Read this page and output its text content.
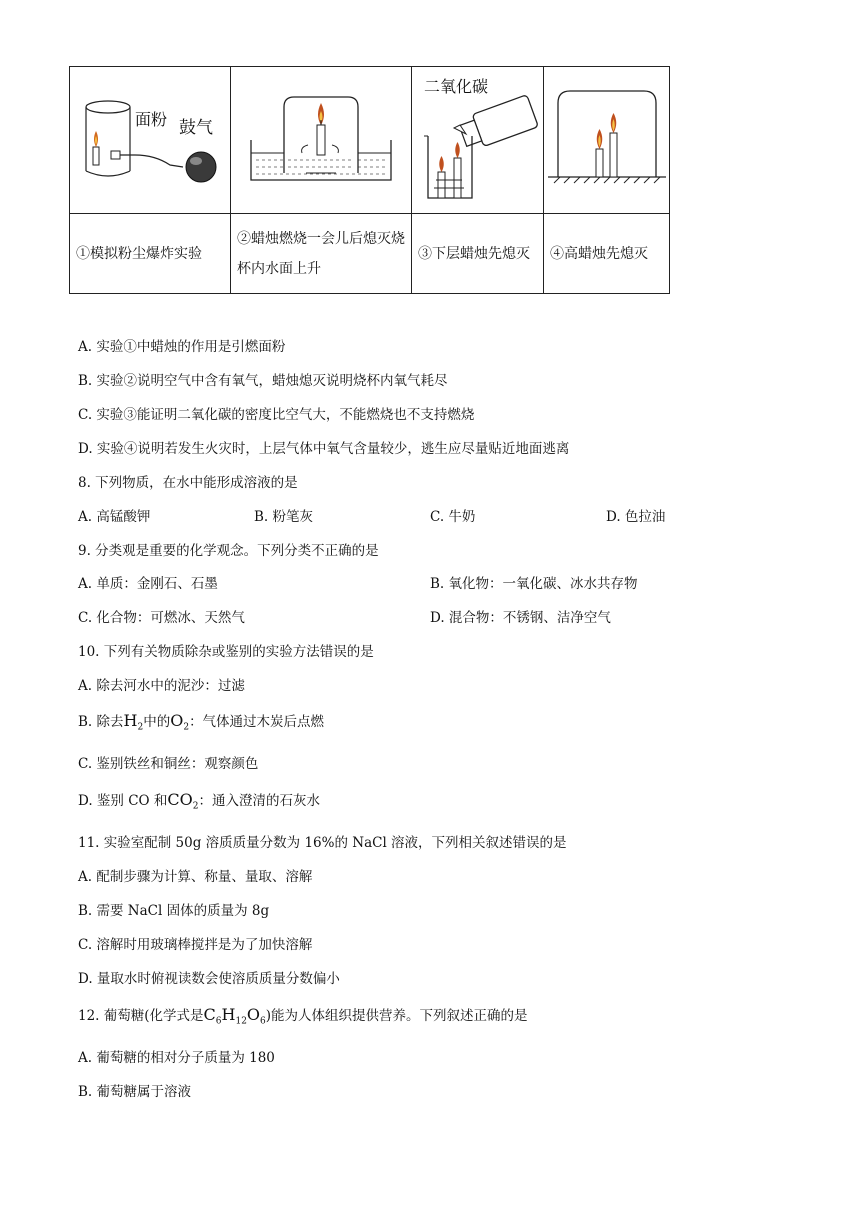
面粉 鼓气		二氧化碳

①模拟粉尘爆炸实验	②蜡烛燃烧一会儿后熄灭烧杯内水面上升	③下层蜡烛先熄灭	④高蜡烛先熄灭
A. 实验①中蜡烛的作用是引燃面粉
B. 实验②说明空气中含有氧气，蜡烛熄灭说明烧杯内氧气耗尽
C. 实验③能证明二氧化碳的密度比空气大，不能燃烧也不支持燃烧
D. 实验④说明若发生火灾时，上层气体中氧气含量较少，逃生应尽量贴近地面逃离
8. 下列物质，在水中能形成溶液的是
A. 高锰酸钾	B. 粉笔灰	C. 牛奶	D. 色拉油
9. 分类观是重要的化学观念。下列分类不正确的是
A. 单质：金刚石、石墨	B. 氧化物：一氧化碳、冰水共存物
C. 化合物：可燃冰、天然气	D. 混合物：不锈钢、洁净空气
10. 下列有关物质除杂或鉴别的实验方法错误的是
A. 除去河水中的泥沙：过滤
B. 除去$H_2$中的$O_2$：气体通过木炭后点燃
C. 鉴别铁丝和铜丝：观察颜色
D. 鉴别 CO 和$CO_2$：通入澄清的石灰水
11. 实验室配制 50g 溶质质量分数为 16%的 NaCl 溶液，下列相关叙述错误的是
A. 配制步骤为计算、称量、量取、溶解
B. 需要 NaCl 固体的质量为 8g
C. 溶解时用玻璃棒搅拌是为了加快溶解
D. 量取水时俯视读数会使溶质质量分数偏小
12. 葡萄糖(化学式是$C_6H_{12}O_6$)能为人体组织提供营养。下列叙述正确的是
A. 葡萄糖的相对分子质量为 180
B. 葡萄糖属于溶液
